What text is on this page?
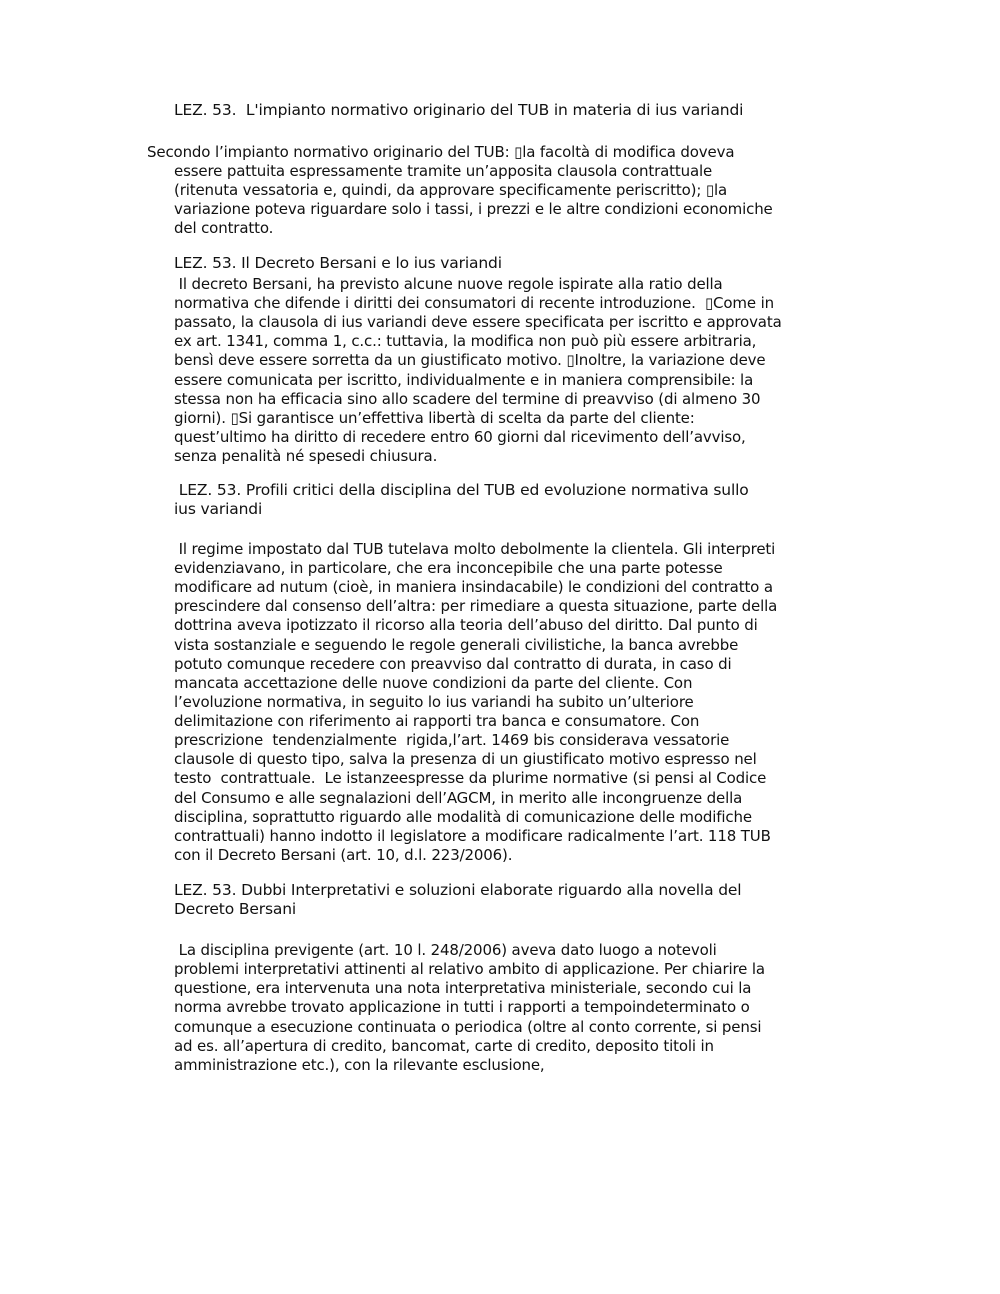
LEZ. 53.  L'impianto normativo originario del TUB in materia di ius variandi
Secondo l’impianto normativo originario del TUB: ▯la facoltà di modifica doveva
essere pattuita espressamente tramite un’apposita clausola contrattuale
(ritenuta vessatoria e, quindi, da approvare specificamente periscritto); ▯la
variazione poteva riguardare solo i tassi, i prezzi e le altre condizioni economiche
del contratto.
LEZ. 53. Il Decreto Bersani e lo ius variandi
Il decreto Bersani, ha previsto alcune nuove regole ispirate alla ratio della
normativa che difende i diritti dei consumatori di recente introduzione.  ▯Come in
passato, la clausola di ius variandi deve essere specificata per iscritto e approvata
ex art. 1341, comma 1, c.c.: tuttavia, la modifica non può più essere arbitraria,
bensì deve essere sorretta da un giustificato motivo. ▯Inoltre, la variazione deve
essere comunicata per iscritto, individualmente e in maniera comprensibile: la
stessa non ha efficacia sino allo scadere del termine di preavviso (di almeno 30
giorni). ▯Si garantisce un’effettiva libertà di scelta da parte del cliente:
quest’ultimo ha diritto di recedere entro 60 giorni dal ricevimento dell’avviso,
senza penalità né spesedi chiusura.
LEZ. 53. Profili critici della disciplina del TUB ed evoluzione normativa sullo
ius variandi
Il regime impostato dal TUB tutelava molto debolmente la clientela. Gli interpreti
evidenziavano, in particolare, che era inconcepibile che una parte potesse
modificare ad nutum (cioè, in maniera insindacabile) le condizioni del contratto a
prescindere dal consenso dell’altra: per rimediare a questa situazione, parte della
dottrina aveva ipotizzato il ricorso alla teoria dell’abuso del diritto. Dal punto di
vista sostanziale e seguendo le regole generali civilistiche, la banca avrebbe
potuto comunque recedere con preavviso dal contratto di durata, in caso di
mancata accettazione delle nuove condizioni da parte del cliente. Con
l’evoluzione normativa, in seguito lo ius variandi ha subito un’ulteriore
delimitazione con riferimento ai rapporti tra banca e consumatore. Con
prescrizione  tendenzialmente  rigida,l’art. 1469 bis considerava vessatorie
clausole di questo tipo, salva la presenza di un giustificato motivo espresso nel
testo  contrattuale.  Le istanzeespresse da plurime normative (si pensi al Codice
del Consumo e alle segnalazioni dell’AGCM, in merito alle incongruenze della
disciplina, soprattutto riguardo alle modalità di comunicazione delle modifiche
contrattuali) hanno indotto il legislatore a modificare radicalmente l’art. 118 TUB
con il Decreto Bersani (art. 10, d.l. 223/2006).
LEZ. 53. Dubbi Interpretativi e soluzioni elaborate riguardo alla novella del
Decreto Bersani
La disciplina previgente (art. 10 l. 248/2006) aveva dato luogo a notevoli
problemi interpretativi attinenti al relativo ambito di applicazione. Per chiarire la
questione, era intervenuta una nota interpretativa ministeriale, secondo cui la
norma avrebbe trovato applicazione in tutti i rapporti a tempoindeterminato o
comunque a esecuzione continuata o periodica (oltre al conto corrente, si pensi
ad es. all’apertura di credito, bancomat, carte di credito, deposito titoli in
amministrazione etc.), con la rilevante esclusione,
